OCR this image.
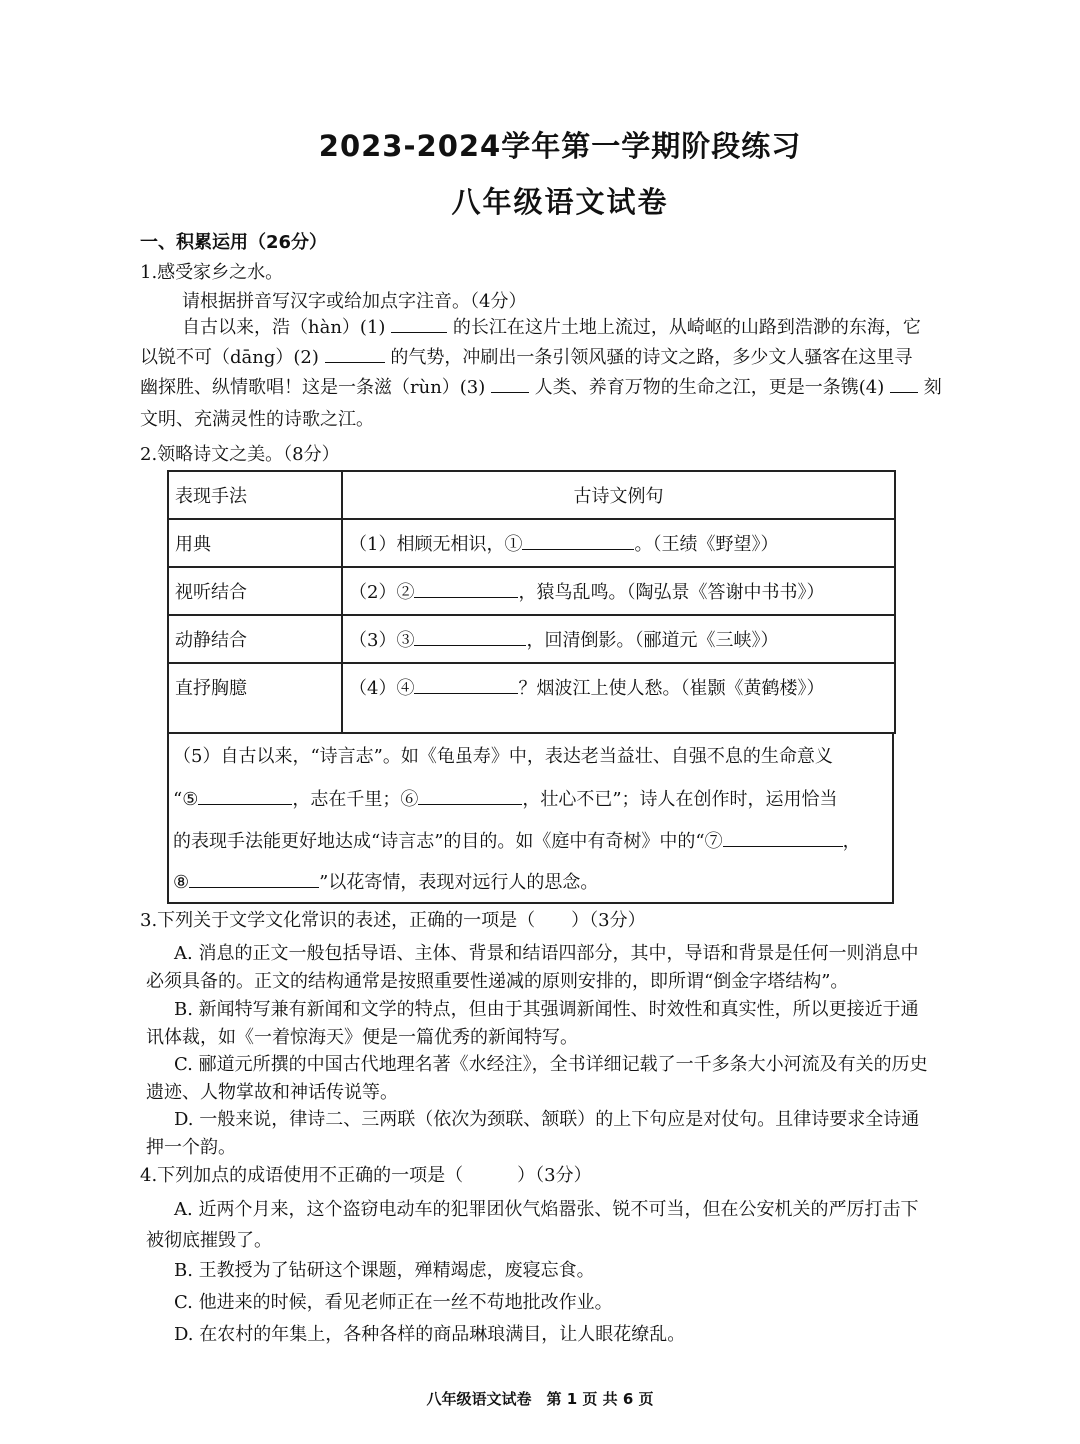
2023-2024学年第一学期阶段练习
八年级语文试卷
一、积累运用（26分）
1.感受家乡之水。
请根据拼音写汉字或给加点字注音。（4分）
自古以来，浩（hàn）(1)	的长江在这片土地上流过，从崎岖的山路到浩渺的东海，它
以锐不可（dāng）(2)	的气势，冲刷出一条引领风骚的诗文之路，多少文人骚客在这里寻
幽探胜、纵情歌唱！这是一条滋（rùn）(3)	人类、养育万物的生命之江，更是一条镌(4) 刻
文明、充满灵性的诗歌之江。
2.领略诗文之美。（8分）
表现手法	古诗文例句
用典	（1）相顾无相识，① 。（王绩《野望》）
视听结合	（2）② ，猿鸟乱鸣。（陶弘景《答谢中书书》）
动静结合	（3）③ ，回清倒影。（郦道元《三峡》）
直抒胸臆	（4）④ ？烟波江上使人愁。（崔颢《黄鹤楼》）
（5）自古以来，“诗言志”。如《龟虽寿》中，表达老当益壮、自强不息的生命意义
“⑤	，志在千里；⑥	，壮心不已”；诗人在创作时，运用恰当
的表现手法能更好地达成“诗言志”的目的。如《庭中有奇树》中的“⑦	，
⑧	”以花寄情，表现对远行人的思念。
3.下列关于文学文化常识的表述，正确的一项是（　　）（3分）
A. 消息的正文一般包括导语、主体、背景和结语四部分，其中，导语和背景是任何一则消息中
必须具备的。正文的结构通常是按照重要性递减的原则安排的，即所谓“倒金字塔结构”。
B. 新闻特写兼有新闻和文学的特点，但由于其强调新闻性、时效性和真实性，所以更接近于通
讯体裁，如《一着惊海天》便是一篇优秀的新闻特写。
C. 郦道元所撰的中国古代地理名著《水经注》，全书详细记载了一千多条大小河流及有关的历史
遗迹、人物掌故和神话传说等。
D. 一般来说，律诗二、三两联（依次为颈联、颔联）的上下句应是对仗句。且律诗要求全诗通
押一个韵。
4.下列加点的成语使用不正确的一项是（　　　）（3分）
A. 近两个月来，这个盗窃电动车的犯罪团伙气焰嚣张、锐不可当，但在公安机关的严厉打击下
被彻底摧毁了。
B. 王教授为了钻研这个课题，殚精竭虑，废寝忘食。
C. 他进来的时候，看见老师正在一丝不苟地批改作业。
D. 在农村的年集上，各种各样的商品琳琅满目，让人眼花缭乱。
八年级语文试卷　第 1 页 共 6 页
